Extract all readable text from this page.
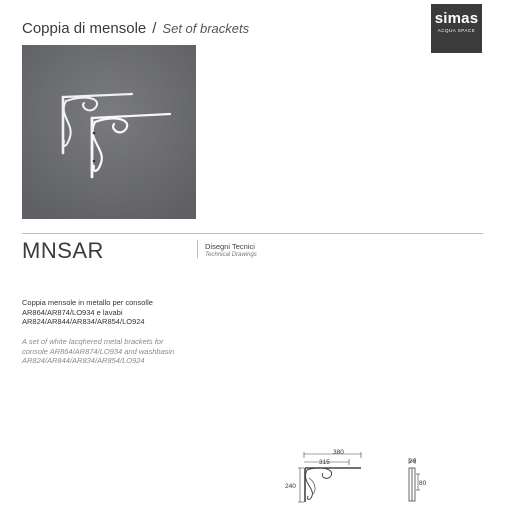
Coppia di mensole / Set of brackets
simas
ACQUA SPACE
MNSAR	Disegni Tecnici
Technical Drawings
Coppia mensole in metallo per consolle
AR864/AR874/LO934 e lavabi
AR824/AR844/AR834/AR854/LO924
A set of white lacqhered metal brackets for
console AR864/AR874/LO934 and washbasin
AR824/AR844/AR834/AR854/LO924
380
315
240
20
80
